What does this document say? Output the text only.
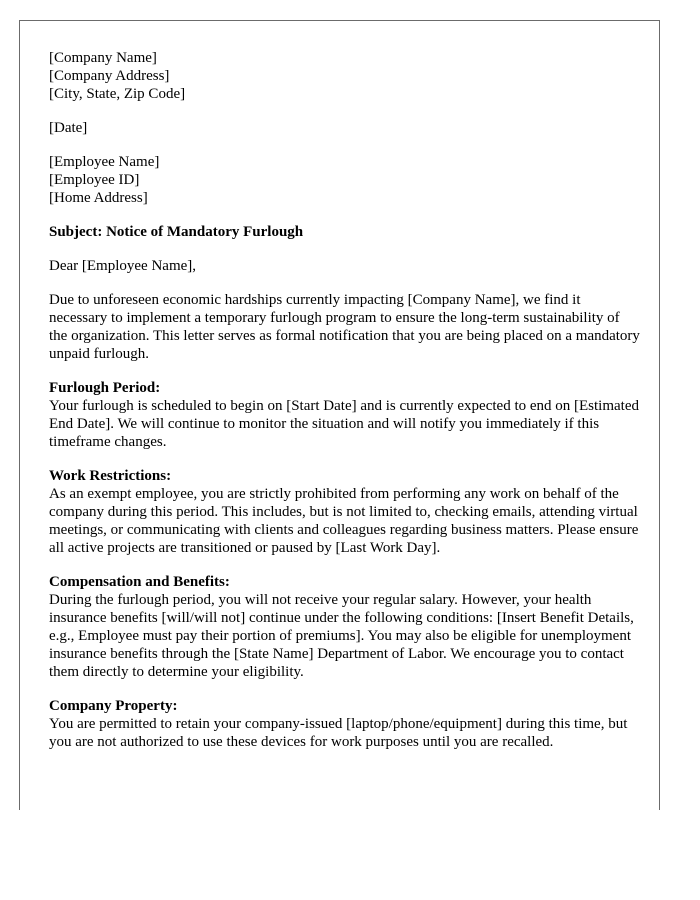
[Company Name]
[Company Address]
[City, State, Zip Code]
[Date]
[Employee Name]
[Employee ID]
[Home Address]
Subject: Notice of Mandatory Furlough
Dear [Employee Name],

Due to unforeseen economic hardships currently impacting [Company Name], we find it necessary to implement a temporary furlough program to ensure the long-term sustainability of the organization. This letter serves as formal notification that you are being placed on a mandatory unpaid furlough.

Furlough Period:
Your furlough is scheduled to begin on [Start Date] and is currently expected to end on [Estimated End Date]. We will continue to monitor the situation and will notify you immediately if this timeframe changes.
Work Restrictions:
As an exempt employee, you are strictly prohibited from performing any work on behalf of the company during this period. This includes, but is not limited to, checking emails, attending virtual meetings, or communicating with clients and colleagues regarding business matters. Please ensure all active projects are transitioned or paused by [Last Work Day].
Compensation and Benefits:
During the furlough period, you will not receive your regular salary. However, your health insurance benefits [will/will not] continue under the following conditions: [Insert Benefit Details, e.g., Employee must pay their portion of premiums]. You may also be eligible for unemployment insurance benefits through the [State Name] Department of Labor. We encourage you to contact them directly to determine your eligibility.
Company Property:
You are permitted to retain your company-issued [laptop/phone/equipment] during this time, but you are not authorized to use these devices for work purposes until you are recalled.
